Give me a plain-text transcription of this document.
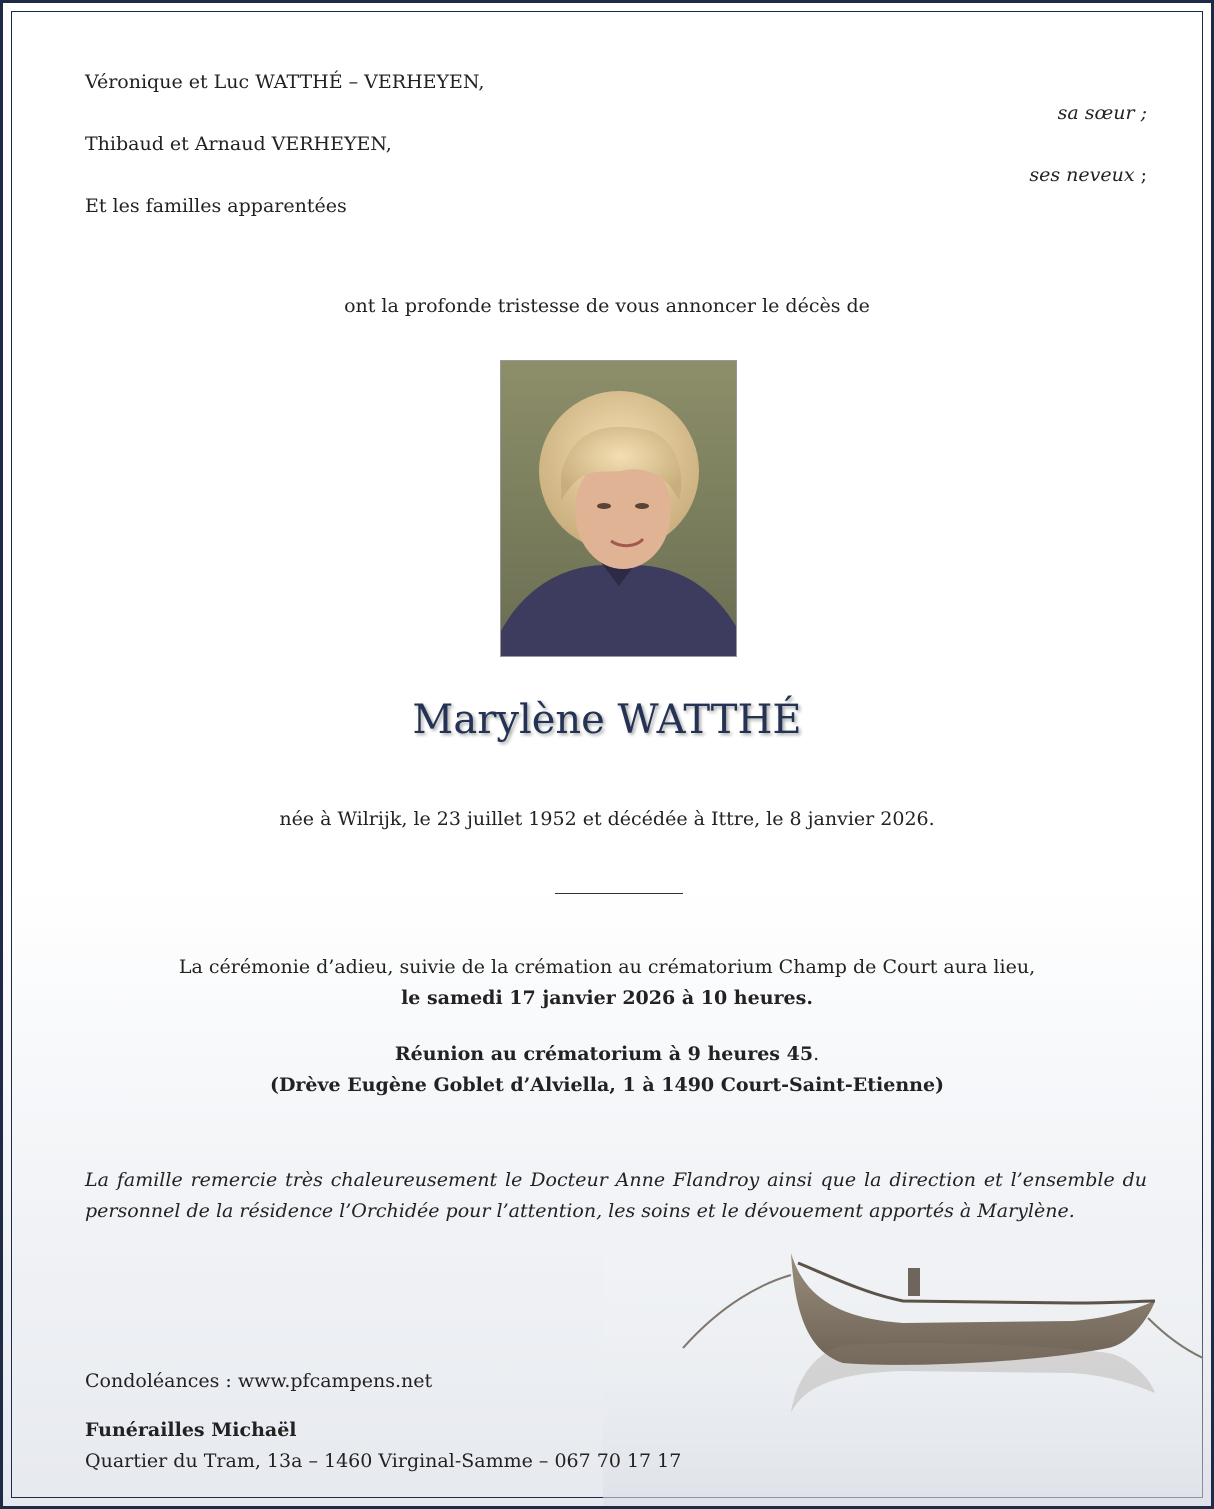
Véronique et Luc WATTHÉ – VERHEYEN,
sa sœur ;
Thibaud et Arnaud VERHEYEN,
ses neveux ;
Et les familles apparentées
ont la profonde tristesse de vous annoncer le décès de
Marylène WATTHÉ
née à Wilrijk, le 23 juillet 1952 et décédée à Ittre, le 8 janvier 2026.
La cérémonie d’adieu, suivie de la crémation au crématorium Champ de Court aura lieu,
le samedi 17 janvier 2026 à 10 heures.
Réunion au crématorium à 9 heures 45.
(Drève Eugène Goblet d’Alviella, 1 à 1490 Court-Saint-Etienne)
La famille remercie très chaleureusement le Docteur Anne Flandroy ainsi que la direction et l’ensemble du personnel de la résidence l’Orchidée pour l’attention, les soins et le dévouement apportés à Marylène.
Condoléances : www.pfcampens.net
Funérailles Michaël
Quartier du Tram, 13a – 1460 Virginal-Samme – 067 70 17 17
